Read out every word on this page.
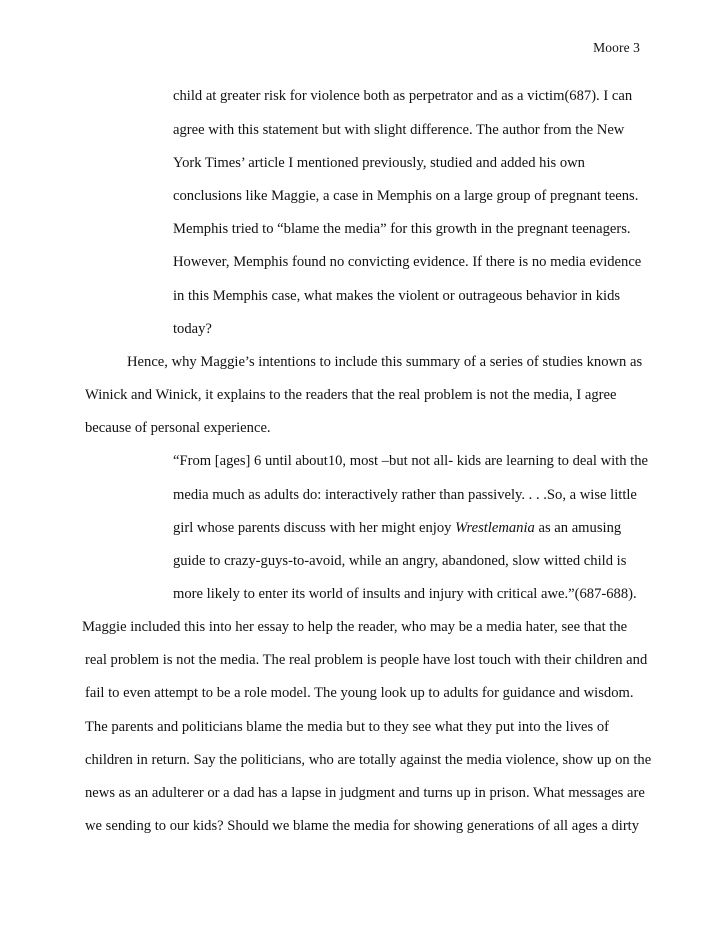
Moore 3
child at greater risk for violence both as perpetrator and as a victim(687). I can
agree with this statement but with slight difference. The author from the New
York Times’ article I mentioned previously, studied and added his own
conclusions like Maggie, a case in Memphis on a large group of pregnant teens.
Memphis tried to “blame the media” for this growth in the pregnant teenagers.
However, Memphis found no convicting evidence. If there is no media evidence
in this Memphis case, what makes the violent or outrageous behavior in kids
today?
Hence, why Maggie’s intentions to include this summary of a series of studies known as
Winick and Winick, it explains to the readers that the real problem is not the media, I agree
because of personal experience.
“From [ages] 6 until about10, most –but not all- kids are learning to deal with the
media much as adults do: interactively rather than passively. . . .So, a wise little
girl whose parents discuss with her might enjoy Wrestlemania as an amusing
guide to crazy-guys-to-avoid, while an angry, abandoned, slow witted child is
more likely to enter its world of insults and injury with critical awe.”(687-688).
Maggie included this into her essay to help the reader, who may be a media hater, see that the
real problem is not the media. The real problem is people have lost touch with their children and
fail to even attempt to be a role model. The young look up to adults for guidance and wisdom.
The parents and politicians blame the media but to they see what they put into the lives of
children in return. Say the politicians, who are totally against the media violence, show up on the
news as an adulterer or a dad has a lapse in judgment and turns up in prison. What messages are
we sending to our kids? Should we blame the media for showing generations of all ages a dirty
